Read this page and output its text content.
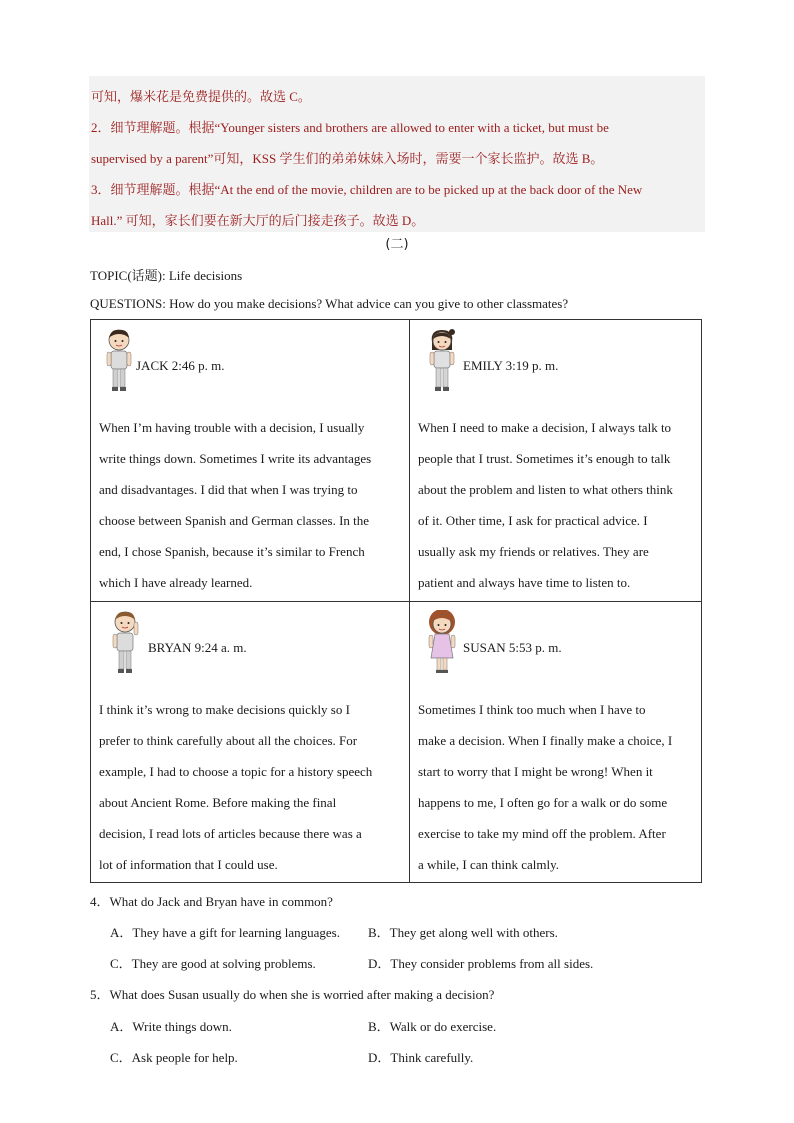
可知，爆米花是免费提供的。故选 C。
2．细节理解题。根据“Younger sisters and brothers are allowed to enter with a ticket, but must be
supervised by a parent”可知，KSS 学生们的弟弟妹妹入场时，需要一个家长监护。故选 B。
3．细节理解题。根据“At the end of the movie, children are to be picked up at the back door of the New
Hall.” 可知，家长们要在新大厅的后门接走孩子。故选 D。
(二)
TOPIC(话题): Life decisions
QUESTIONS: How do you make decisions? What advice can you give to other classmates?
JACK 2:46 p. m.
When I’m having trouble with a decision, I usually
write things down. Sometimes I write its advantages
and disadvantages. I did that when I was trying to
choose between Spanish and German classes. In the
end, I chose Spanish, because it’s similar to French
which I have already learned.
EMILY 3:19 p. m.
When I need to make a decision, I always talk to
people that I trust. Sometimes it’s enough to talk
about the problem and listen to what others think
of it. Other time, I ask for practical advice. I
usually ask my friends or relatives. They are
patient and always have time to listen to.
BRYAN 9:24 a. m.
I think it’s wrong to make decisions quickly so I
prefer to think carefully about all the choices. For
example, I had to choose a topic for a history speech
about Ancient Rome. Before making the final
decision, I read lots of articles because there was a
lot of information that I could use.
SUSAN 5:53 p. m.
Sometimes I think too much when I have to
make a decision. When I finally make a choice, I
start to worry that I might be wrong! When it
happens to me, I often go for a walk or do some
exercise to take my mind off the problem. After
a while, I can think calmly.
4．What do Jack and Bryan have in common?
A．They have a gift for learning languages. B．They get along well with others.
C．They are good at solving problems.	D．They consider problems from all sides.
5．What does Susan usually do when she is worried after making a decision?
A．Write things down.	B．Walk or do exercise.
C．Ask people for help.	D．Think carefully.
